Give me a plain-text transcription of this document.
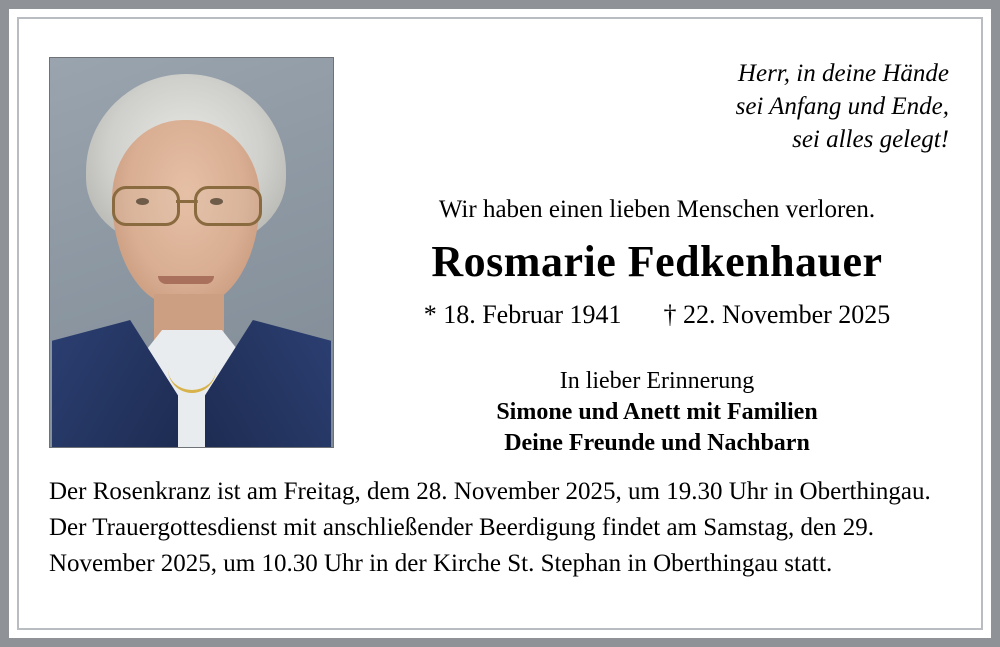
Herr, in deine Hände
sei Anfang und Ende,
sei alles gelegt!
Wir haben einen lieben Menschen verloren.
Rosmarie Fedkenhauer
* 18. Februar 1941 † 22. November 2025
In lieber Erinnerung
Simone und Anett mit Familien
Deine Freunde und Nachbarn
Der Rosenkranz ist am Freitag, dem 28. November 2025, um 19.30 Uhr in Oberthingau. Der Trauergottesdienst mit anschließender Beerdigung findet am Samstag, den 29. November 2025, um 10.30 Uhr in der Kirche St. Stephan in Oberthingau statt.
